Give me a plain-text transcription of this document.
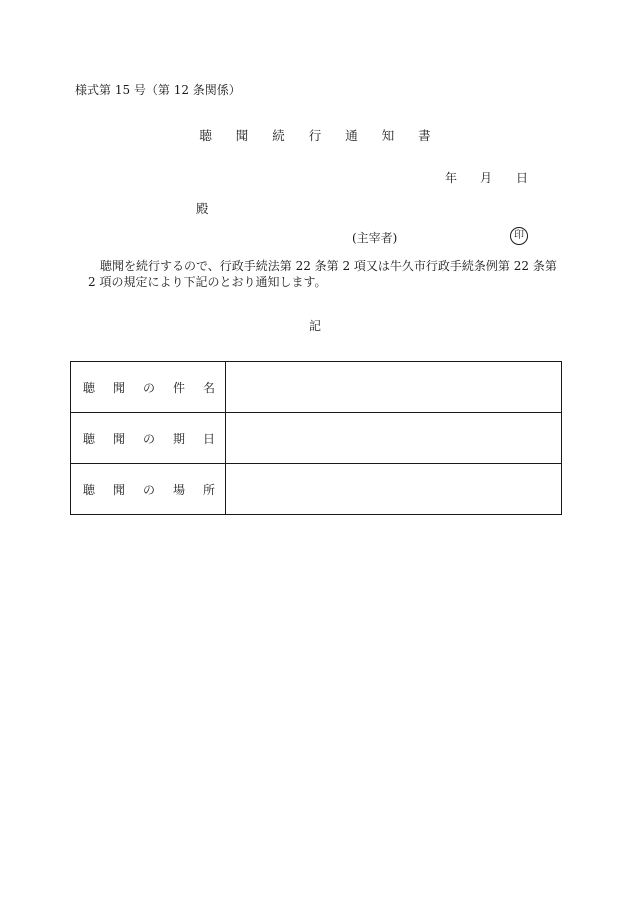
様式第 15 号（第 12 条関係）
聴 聞 続 行 通 知 書
年 月 日
殿
(主宰者)	印
聴聞を続行するので、行政手続法第 22 条第 2 項又は牛久市行政手続条例第 22 条第 2 項の規定により下記のとおり通知します。
記
聴 聞 の 件 名	

聴 聞 の 期 日	

聴 聞 の 場 所	
